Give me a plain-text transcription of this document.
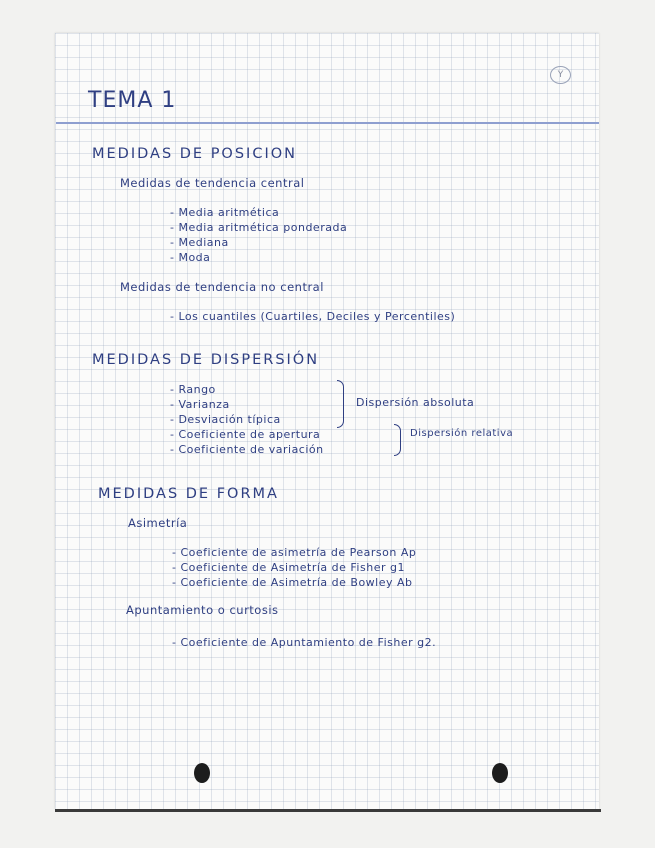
Y
TEMA 1
MEDIDAS DE POSICION
Medidas de tendencia central
- Media aritmética
- Media aritmética ponderada
- Mediana
- Moda
Medidas de tendencia no central
- Los cuantiles (Cuartiles, Deciles y Percentiles)
MEDIDAS DE DISPERSIÓN
- Rango
- Varianza
- Desviación típica
- Coeficiente de apertura
- Coeficiente de variación
Dispersión absoluta
Dispersión relativa
MEDIDAS DE FORMA
Asimetría
- Coeficiente de asimetría de Pearson Ap
- Coeficiente de Asimetría de Fisher g1
- Coeficiente de Asimetría de Bowley Ab
Apuntamiento o curtosis
- Coeficiente de Apuntamiento de Fisher g2.
